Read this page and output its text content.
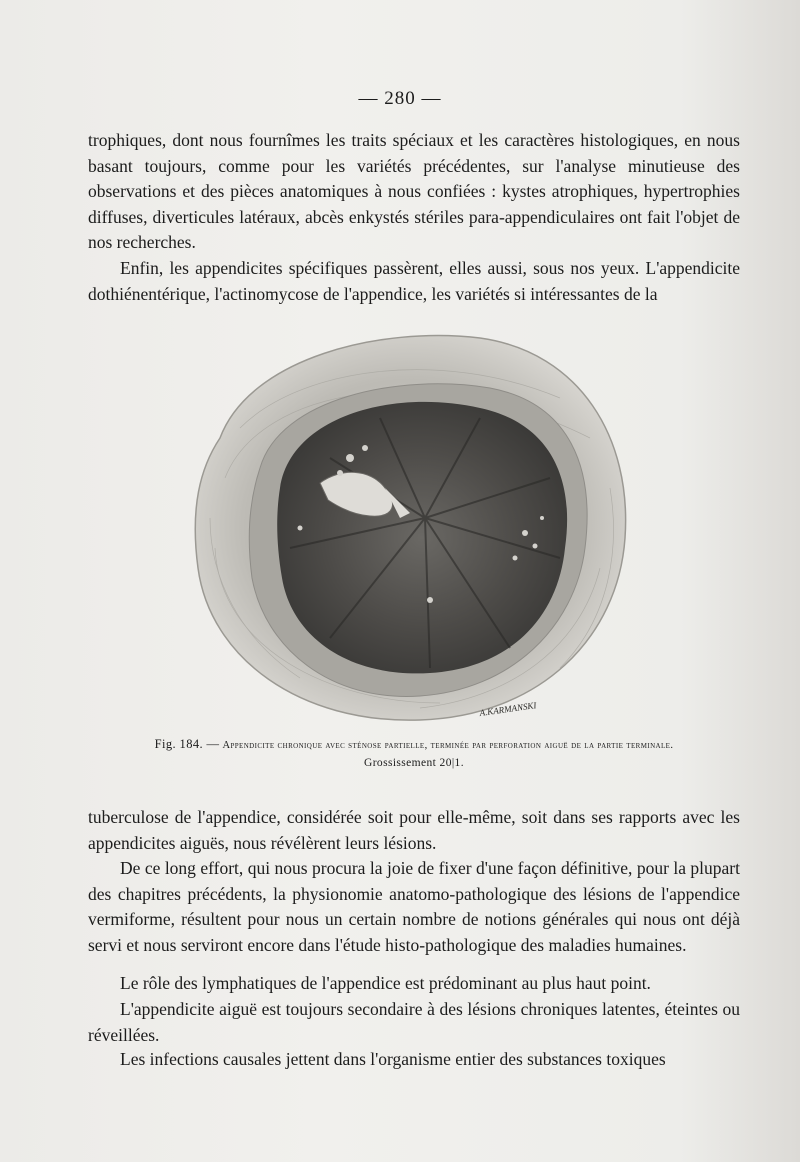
— 280 —

trophiques, dont nous fournîmes les traits spéciaux et les caractères histologiques, en nous basant toujours, comme pour les variétés précédentes, sur l'analyse minutieuse des observations et des pièces anatomiques à nous confiées : kystes atrophiques, hypertrophies diffuses, diverticules latéraux, abcès enkystés stériles para-appendiculaires ont fait l'objet de nos recherches.

Enfin, les appendicites spécifiques passèrent, elles aussi, sous nos yeux. L'appendicite dothiénentérique, l'actinomycose de l'appendice, les variétés si intéressantes de la

A.KARMANSKI
Fig. 184. — Appendicite chronique avec sténose partielle, terminée par perforation aiguë de la partie terminale.
Grossissement 20|1.

tuberculose de l'appendice, considérée soit pour elle-même, soit dans ses rapports avec les appendicites aiguës, nous révélèrent leurs lésions.

De ce long effort, qui nous procura la joie de fixer d'une façon définitive, pour la plupart des chapitres précédents, la physionomie anatomo-pathologique des lésions de l'appendice vermiforme, résultent pour nous un certain nombre de notions générales qui nous ont déjà servi et nous serviront encore dans l'étude histo-pathologique des maladies humaines.

Le rôle des lymphatiques de l'appendice est prédominant au plus haut point.

L'appendicite aiguë est toujours secondaire à des lésions chroniques latentes, éteintes ou réveillées.

Les infections causales jettent dans l'organisme entier des substances toxiques
